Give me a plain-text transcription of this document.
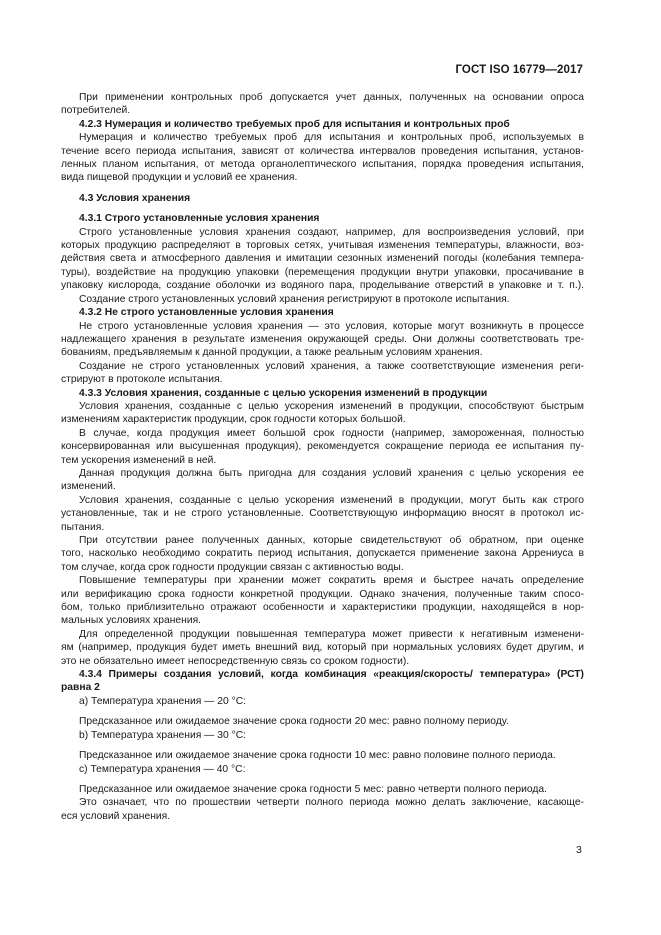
ГОСТ ISO 16779—2017
При применении контрольных проб допускается учет данных, полученных на основании опроса
потребителей.
4.2.3 Нумерация и количество требуемых проб для испытания и контрольных проб
Нумерация и количество требуемых проб для испытания и контрольных проб, используемых в
течение всего периода испытания, зависят от количества интервалов проведения испытания, установ-
ленных планом испытания, от метода органолептического испытания, порядка проведения испытания,
вида пищевой продукции и условий ее хранения.
4.3 Условия хранения
4.3.1 Строго установленные условия хранения
Строго установленные условия хранения создают, например, для воспроизведения условий, при
которых продукцию распределяют в торговых сетях, учитывая изменения температуры, влажности, воз-
действия света и атмосферного давления и имитации сезонных изменений погоды (колебания темпера-
туры), воздействие на продукцию упаковки (перемещения продукции внутри упаковки, просачивание в
упаковку кислорода, создание оболочки из водяного пара, проделывание отверстий в упаковке и т. п.).
Создание строго установленных условий хранения регистрируют в протоколе испытания.
4.3.2 Не строго установленные условия хранения
Не строго установленные условия хранения — это условия, которые могут возникнуть в процессе
надлежащего хранения в результате изменения окружающей среды. Они должны соответствовать тре-
бованиям, предъявляемым к данной продукции, а также реальным условиям хранения.
Создание не строго установленных условий хранения, а также соответствующие изменения реги-
стрируют в протоколе испытания.
4.3.3 Условия хранения, созданные с целью ускорения изменений в продукции
Условия хранения, созданные с целью ускорения изменений в продукции, способствуют быстрым
изменениям характеристик продукции, срок годности которых большой.
В случае, когда продукция имеет большой срок годности (например, замороженная, полностью
консервированная или высушенная продукция), рекомендуется сокращение периода ее испытания пу-
тем ускорения изменений в ней.
Данная продукция должна быть пригодна для создания условий хранения с целью ускорения ее
изменений.
Условия хранения, созданные с целью ускорения изменений в продукции, могут быть как строго
установленные, так и не строго установленные. Соответствующую информацию вносят в протокол ис-
пытания.
При отсутствии ранее полученных данных, которые свидетельствуют об обратном, при оценке
того, насколько необходимо сократить период испытания, допускается применение закона Аррениуса в
том случае, когда срок годности продукции связан с активностью воды.
Повышение температуры при хранении может сократить время и быстрее начать определение
или верификацию срока годности конкретной продукции. Однако значения, полученные таким спосо-
бом, только приблизительно отражают особенности и характеристики продукции, находящейся в нор-
мальных условиях хранения.
Для определенной продукции повышенная температура может привести к негативным изменени-
ям (например, продукция будет иметь внешний вид, который при нормальных условиях будет другим, и
это не обязательно имеет непосредственную связь со сроком годности).
4.3.4 Примеры создания условий, когда комбинация «реакция/скорость/ температура» (РСТ)
равна 2
a) Температура хранения — 20 °С:
Предсказанное или ожидаемое значение срока годности 20 мес: равно полному периоду.
b) Температура хранения — 30 °С:
Предсказанное или ожидаемое значение срока годности 10 мес: равно половине полного периода.
c) Температура хранения — 40 °С:
Предсказанное или ожидаемое значение срока годности 5 мес: равно четверти полного периода.
Это означает, что по прошествии четверти полного периода можно делать заключение, касающе-
еся условий хранения.
3
